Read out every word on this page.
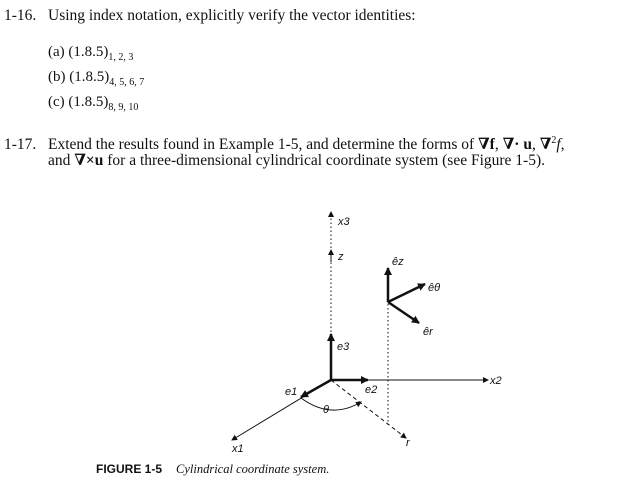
1-16. Using index notation, explicitly verify the vector identities:
(a) $(1.8.5)_{1, 2, 3}$
(b) $(1.8.5)_{4, 5, 6, 7}$
(c) $(1.8.5)_{8, 9, 10}$
1-17. Extend the results found in Example 1-5, and determine the forms of ∇f, ∇· u, ∇$^2$f,
and ∇×u for a three-dimensional cylindrical coordinate system (see Figure 1-5).
x3
z
e3
e2
e1
x2
x1
θ
r
êz
êθ
êr
FIGURE 1-5 Cylindrical coordinate system.
